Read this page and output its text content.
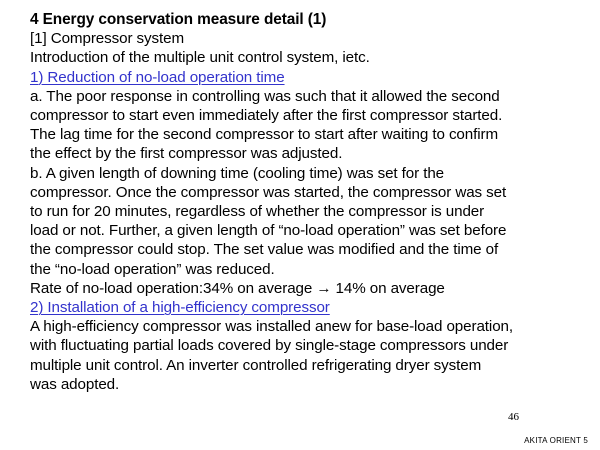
4 Energy conservation measure detail (1)
[1] Compressor system
Introduction of the multiple unit control system, ietc.
1) Reduction of no-load operation time
a. The poor response in controlling was such that it allowed the second
compressor to start even immediately after the first compressor started.
The lag time for the second compressor to start after waiting to confirm
the effect by the first compressor was adjusted.
b. A given length of downing time (cooling time) was set for the
compressor. Once the compressor was started, the compressor was set
to run for 20 minutes, regardless of whether the compressor is under
load or not. Further, a given length of “no-load operation” was set before
the compressor could stop. The set value was modified and the time of
the “no-load operation” was reduced.
Rate of no-load operation:34% on average → 14% on average
2) Installation of a high-efficiency compressor
A high-efficiency compressor was installed anew for base-load operation,
with fluctuating partial loads covered by single-stage compressors under
multiple unit control. An inverter controlled refrigerating dryer system
was adopted.
46
AKITA ORIENT 5
